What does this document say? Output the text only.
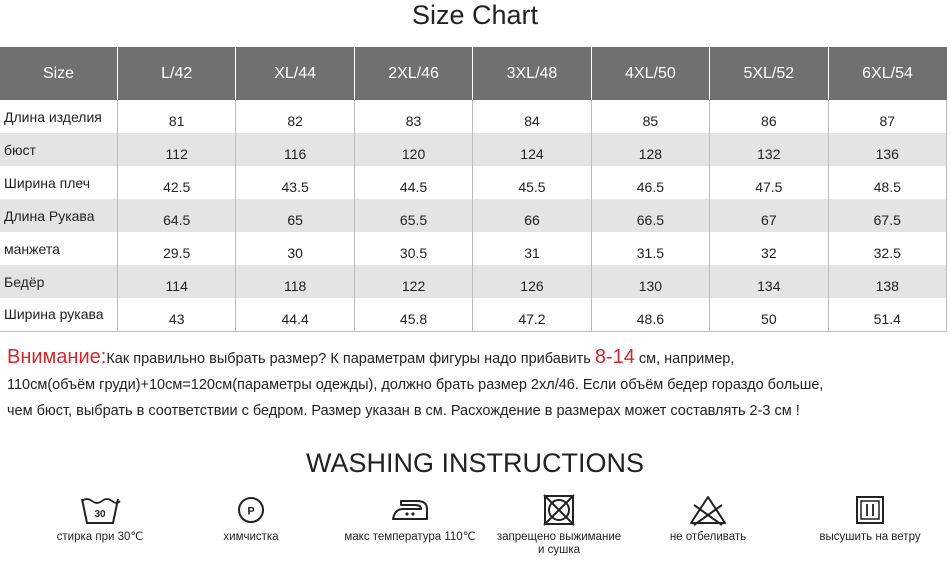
Size Chart
Size	L/42	XL/44	2XL/46	3XL/48	4XL/50	5XL/52	6XL/54
Длина изделия	81	82	83	84	85	86	87
бюст	112	116	120	124	128	132	136
Ширина плеч	42.5	43.5	44.5	45.5	46.5	47.5	48.5
Длина Рукава	64.5	65	65.5	66	66.5	67	67.5
манжета	29.5	30	30.5	31	31.5	32	32.5
Бедёр	114	118	122	126	130	134	138
Ширина рукава	43	44.4	45.8	47.2	48.6	50	51.4
Внимание:Как правильно выбрать размер? К параметрам фигуры надо прибавить 8-14 см, например,
110см(объём груди)+10см=120см(параметры одежды), должно брать размер 2хл/46. Если объём бедер гораздо больше,
чем бюст, выбрать в соответствии с бедром. Размер указан в см. Расхождение в размерах может составлять 2-3 см !
WASHING INSTRUCTIONS
30
стирка при 30℃
P
химчистка	макс температура 110℃	запрещено выжимание
и сушка
не отбеливать	высушить на ветру
